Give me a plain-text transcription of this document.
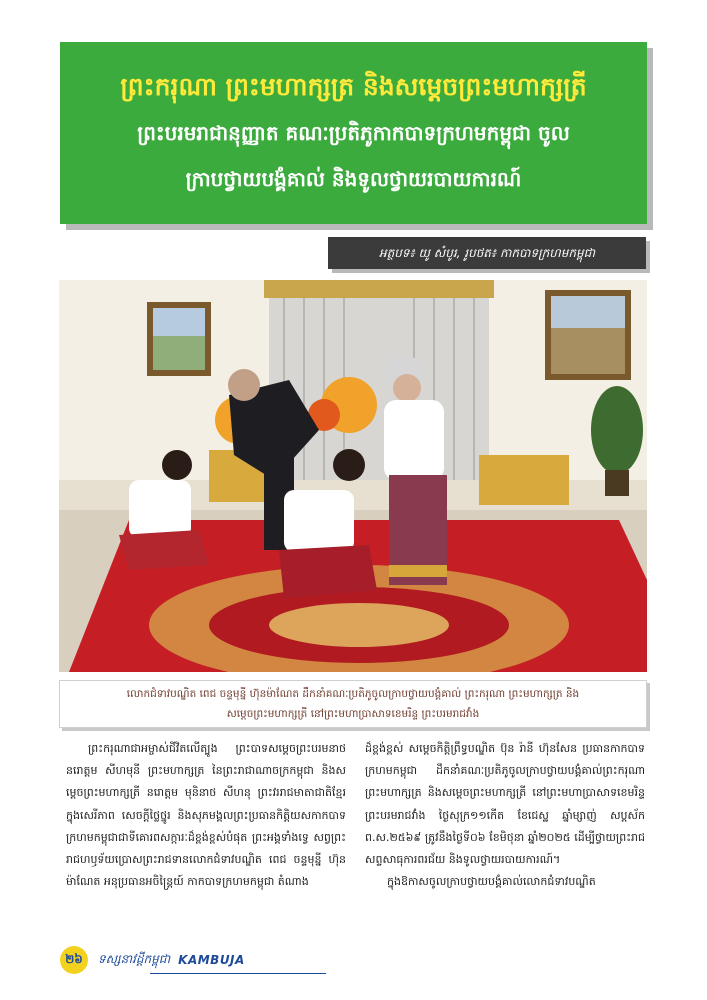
ព្រះករុណា ព្រះមហាក្សត្រ និងសម្តេចព្រះមហាក្សត្រី
ព្រះបរមរាជានុញ្ញាត គណៈប្រតិភូកាកបាទក្រហមកម្ពុជា ចូល
ក្រាបថ្វាយបង្គំគាល់ និងទូលថ្វាយរបាយការណ៍
អត្ថបទ៖ យូ សំបូរ, រូបថត៖ កាកបាទក្រហមកម្ពុជា
លោកជំទាវបណ្ឌិត ពេជ ចន្ទមុន្នី ហ៊ុនម៉ាណែត ដឹកនាំគណៈប្រតិភូចូលក្រាបថ្វាយបង្គំគាល់ ព្រះករុណា ព្រះមហាក្សត្រ និង
សម្តេចព្រះមហាក្សត្រី នៅព្រះមហាប្រាសាទខេមរិន្ទ ព្រះបរមរាជវាំង

ព្រះករុណាជាអម្ចាស់ជីវិតលើត្បូង ព្រះបាទសម្តេចព្រះបរមនាថ នរោត្តម សីហមុនី ព្រះមហាក្សត្រ នៃព្រះរាជាណាចក្រកម្ពុជា និងសម្តេចព្រះមហាក្សត្រី នរោត្តម មុនិនាថ សីហនុ ព្រះវររាជមាតាជាតិខ្មែរ ក្នុងសេរីភាព សេចក្តីថ្លៃថ្នូរ និងសុភមង្គលព្រះប្រធានកិត្តិយសកាកបាទក្រហមកម្ពុជាជាទីគោរពសក្ការៈដ៏ខ្ពង់ខ្ពស់បំផុត ព្រះអង្គទាំងទ្វេ សព្វព្រះរាជហឫទ័យប្រោសព្រះរាជទានលោកជំទាវបណ្ឌិត ពេជ ចន្ទមុន្នី ហ៊ុន ម៉ាណែត អនុប្រធានអចិន្ត្រៃយ៍ កាកបាទក្រហមកម្ពុជា តំណាង

ដ៏ខ្ពង់ខ្ពស់ សម្តេចកិត្តិព្រឹទ្ធបណ្ឌិត ប៊ុន រ៉ានី ហ៊ុនសែន ប្រធានកាកបាទក្រហមកម្ពុជា ដឹកនាំគណៈប្រតិភូចូលក្រាបថ្វាយបង្គំគាល់ព្រះករុណា ព្រះមហាក្សត្រ និងសម្តេចព្រះមហាក្សត្រី នៅព្រះមហាប្រាសាទខេមរិន្ទ ព្រះបរមរាជវាំង ថ្ងៃសុក្រ១១កើត ខែជេស្ឋ ឆ្នាំម្សាញ់ សប្តស័ក ព.ស.២៥៦៩ ត្រូវនឹងថ្ងៃទី០៦ ខែមិថុនា ឆ្នាំ២០២៥ ដើម្បីថ្វាយព្រះរាជសព្ទសាធុការពរជ័យ និងទូលថ្វាយរបាយការណ៍។

ក្នុងឱកាសចូលក្រាបថ្វាយបង្គំគាល់លោកជំទាវបណ្ឌិត

២៦	ទស្សនាវដ្តីកម្ពុជា KAMBUJA
